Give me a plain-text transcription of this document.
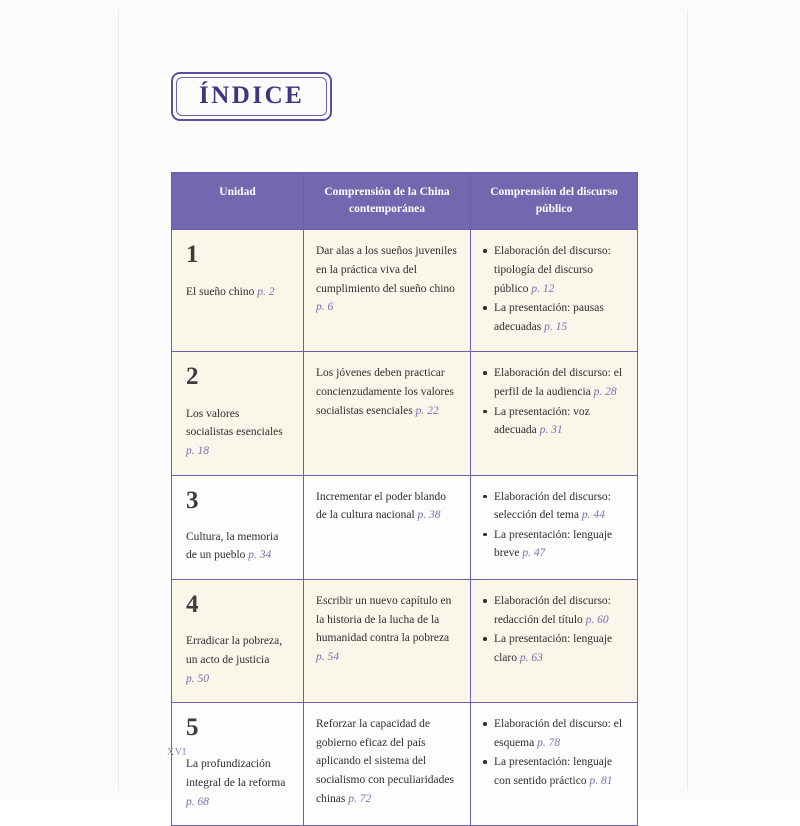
ÍNDICE
Unidad	Comprensión de la China contemporánea	Comprensión del discurso público

1
El sueño chino p. 2
	Dar alas a los sueños juveniles en la práctica viva del cumplimiento del sueño chino p. 6	
Elaboración del discurso: tipología del discurso público p. 12
La presentación: pausas adecuadas p. 15

2
Los valores socialistas esenciales p. 18
	Los jóvenes deben practicar concienzudamente los valores socialistas esenciales p. 22	
Elaboración del discurso: el perfil de la audiencia p. 28
La presentación: voz adecuada p. 31

3
Cultura, la memoria de un pueblo p. 34
	Incrementar el poder blando de la cultura nacional p. 38	
Elaboración del discurso: selección del tema p. 44
La presentación: lenguaje breve p. 47

4
Erradicar la pobreza, un acto de justicia p. 50
	Escribir un nuevo capítulo en la historia de la lucha de la humanidad contra la pobreza p. 54	
Elaboración del discurso: redacción del título p. 60
La presentación: lenguaje claro p. 63

5
La profundización integral de la reforma p. 68
	Reforzar la capacidad de gobierno eficaz del país aplicando el sistema del socialismo con peculiaridades chinas p. 72	
Elaboración del discurso: el esquema p. 78
La presentación: lenguaje con sentido práctico p. 81
XVI
